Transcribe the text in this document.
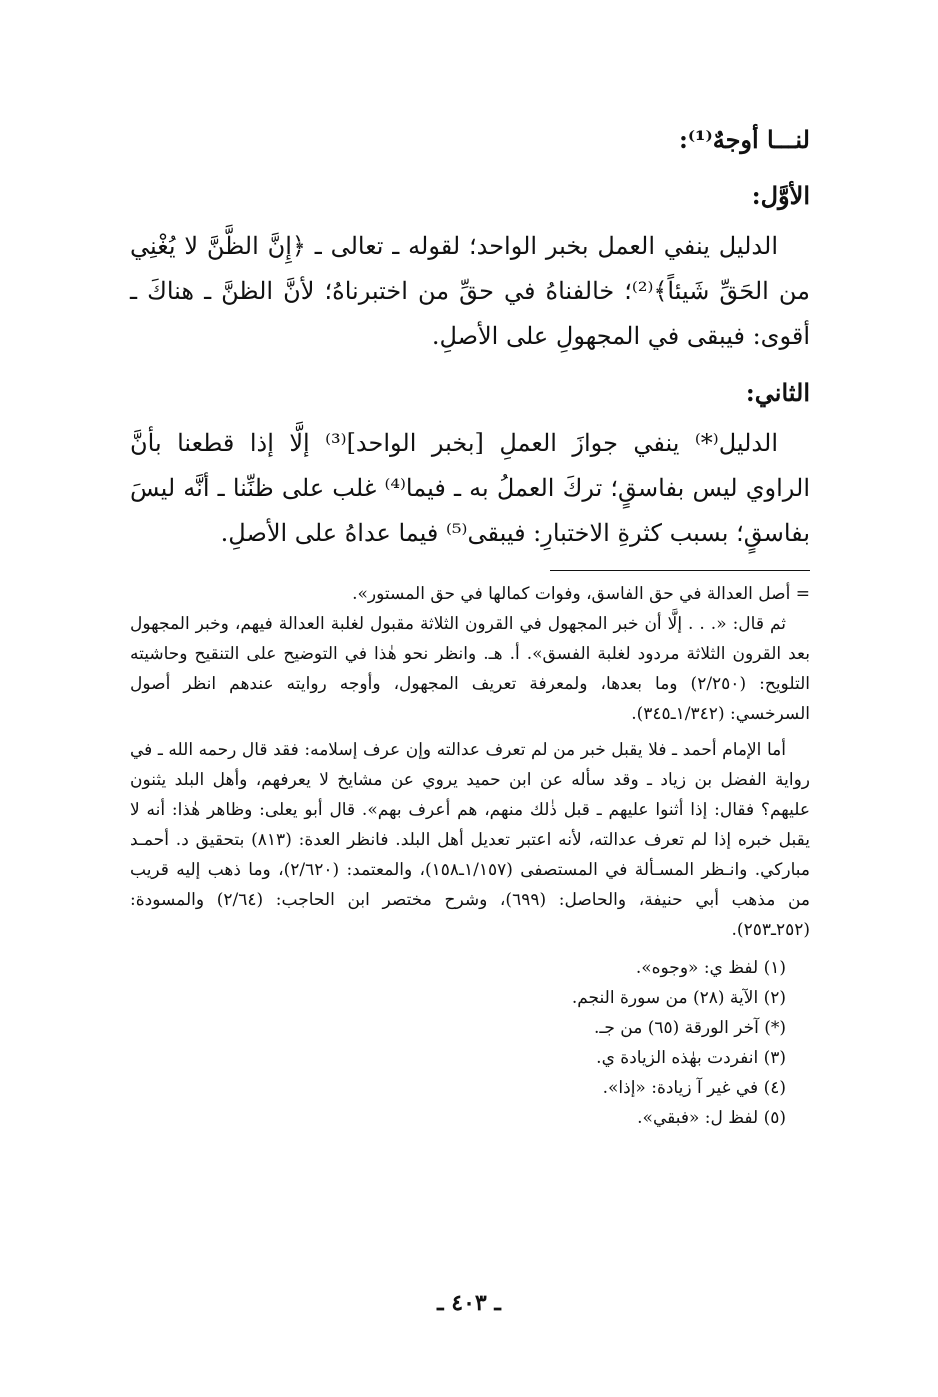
لنـــا أوجهٌ⁽¹⁾:

الأوَّل:

الدليل ينفي العمل بخبر الواحد؛ لقوله ـ تعالى ـ ﴿إِنَّ الظَّنَّ لا يُغْنِي من الحَقِّ شَيئاً﴾⁽²⁾؛ خالفناهُ في حقِّ من اختبرناهُ؛ لأنَّ الظنَّ ـ هناكَ ـ أقوى: فيبقى في المجهولِ على الأصلِ.

الثاني:

الدليل⁽*⁾ ينفي جوازَ العملِ [بخبر الواحد]⁽³⁾ إلَّا إذا قطعنا بأنَّ الراوي ليس بفاسقٍ؛ تركَ العملُ به ـ فيما⁽⁴⁾ غلب على ظنِّنا ـ أنَّه ليسَ بفاسقٍ؛ بسبب كثرةِ الاختبارِ: فيبقى⁽⁵⁾ فيما عداهُ على الأصلِ.

= أصل العدالة في حق الفاسق، وفوات كمالها في حق المستور».

ثم قال: «. . . إلَّا أن خبر المجهول في القرون الثلاثة مقبول لغلبة العدالة فيهم، وخبر المجهول بعد القرون الثلاثة مردود لغلبة الفسق». أ. هـ. وانظر نحو هٰذا في التوضيح على التنقيح وحاشيته التلويح: (٢/٢٥٠) وما بعدها، ولمعرفة تعريف المجهول، وأوجه روايته عندهم انظر أصول السرخسي: (١/٣٤٢ـ٣٤٥).

أما الإمام أحمد ـ فلا يقبل خبر من لم تعرف عدالته وإن عرف إسلامه: فقد قال رحمه الله ـ في رواية الفضل بن زياد ـ وقد سأله عن ابن حميد يروي عن مشايخ لا يعرفهم، وأهل البلد يثنون عليهم؟ فقال: إذا أثنوا عليهم ـ قبل ذٰلك منهم، هم أعرف بهم». قال أبو يعلى: وظاهر هٰذا: أنه لا يقبل خبره إذا لم تعرف عدالته، لأنه اعتبر تعديل أهل البلد. فانظر العدة: (٨١٣) بتحقيق د. أحمـد مباركي. وانـظر المسـألة في المستصفى (١/١٥٧ـ١٥٨)، والمعتمد: (٢/٦٢٠)، وما ذهب إليه قريب من مذهب أبي حنيفة، والحاصل: (٦٩٩)، وشرح مختصر ابن الحاجب: (٢/٦٤) والمسودة: (٢٥٢ـ٢٥٣).

(١) لفظ ي: «وجوه».
(٢) الآية (٢٨) من سورة النجم.
(*) آخر الورقة (٦٥) من جـ.
(٣) انفردت بهٰذه الزيادة ي.
(٤) في غير آ زيادة: «إذا».
(٥) لفظ ل: «فبقي».
ـ ٤٠٣ ـ
